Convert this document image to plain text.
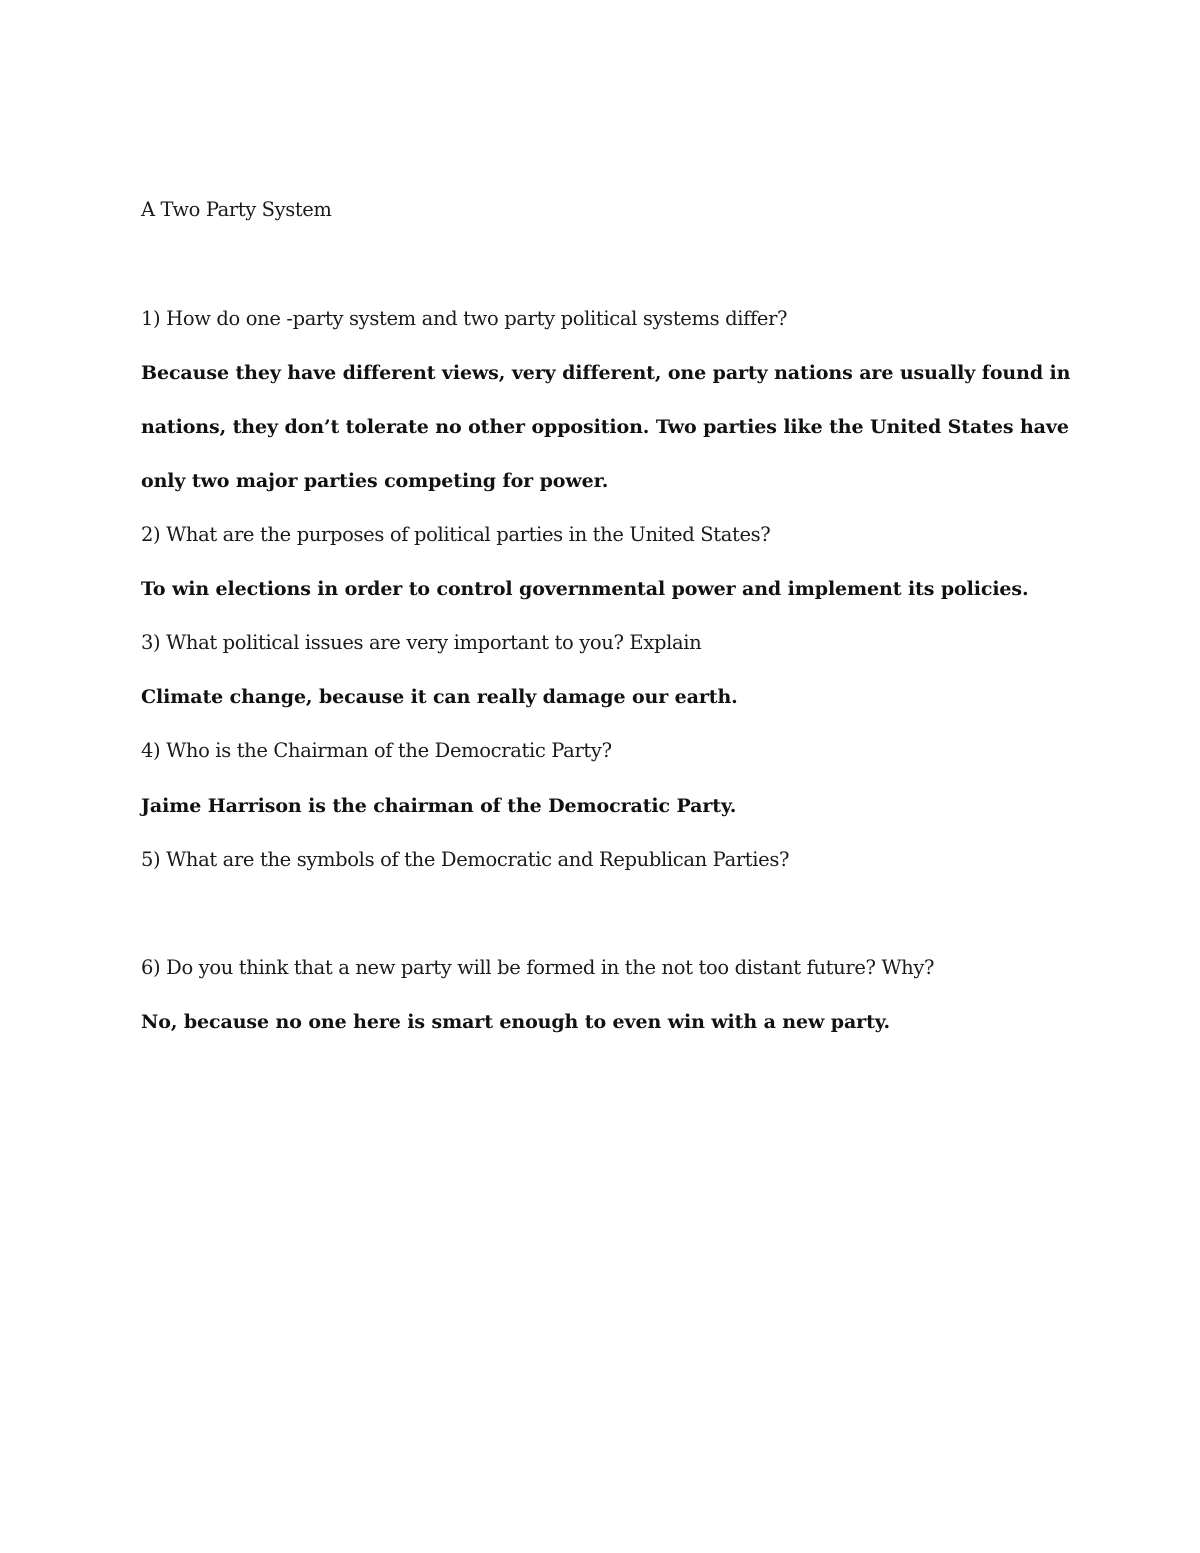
A Two Party System
1) How do one -party system and two party political systems differ?
Because they have different views, very different, one party nations are usually found in
nations, they don’t tolerate no other opposition. Two parties like the United States have
only two major parties competing for power.
2) What are the purposes of political parties in the United States?
To win elections in order to control governmental power and implement its policies.
3) What political issues are very important to you? Explain
Climate change, because it can really damage our earth.
4) Who is the Chairman of the Democratic Party?
Jaime Harrison is the chairman of the Democratic Party.
5) What are the symbols of the Democratic and Republican Parties?
6) Do you think that a new party will be formed in the not too distant future? Why?
No, because no one here is smart enough to even win with a new party.
